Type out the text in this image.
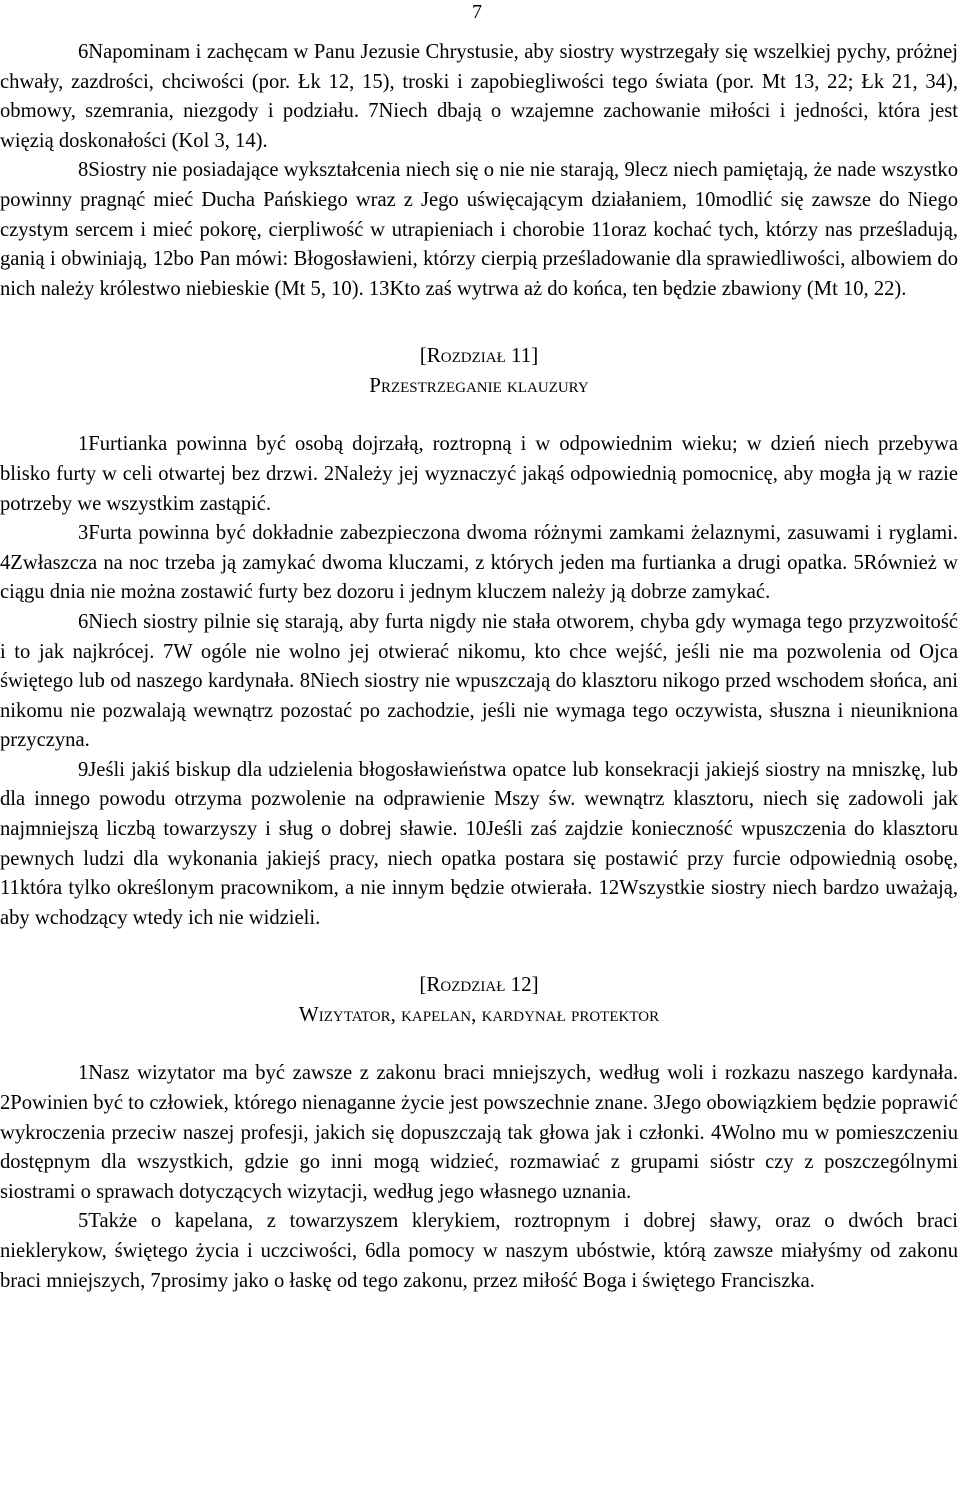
7

6Napominam i zachęcam w Panu Jezusie Chrystusie, aby siostry wystrzegały się wszelkiej pychy, próżnej chwały, zazdrości, chciwości (por. Łk 12, 15), troski i zapobiegliwości tego świata (por. Mt 13, 22; Łk 21, 34), obmowy, szemrania, niezgody i podziału. 7Niech dbają o wzajemne zachowanie miłości i jedności, która jest więzią doskonałości (Kol 3, 14).

8Siostry nie posiadające wykształcenia niech się o nie nie starają, 9lecz niech pamiętają, że nade wszystko powinny pragnąć mieć Ducha Pańskiego wraz z Jego uświęcającym działaniem, 10modlić się zawsze do Niego czystym sercem i mieć pokorę, cierpliwość w utrapieniach i chorobie 11oraz kochać tych, którzy nas prześladują, ganią i obwiniają, 12bo Pan mówi: Błogosławieni, którzy cierpią prześladowanie dla sprawiedliwości, albowiem do nich należy królestwo niebieskie (Mt 5, 10). 13Kto zaś wytrwa aż do końca, ten będzie zbawiony (Mt 10, 22).

[Rozdział 11]
Przestrzeganie klauzury

1Furtianka powinna być osobą dojrzałą, roztropną i w odpowiednim wieku; w dzień niech przebywa blisko furty w celi otwartej bez drzwi. 2Należy jej wyznaczyć jakąś odpowiednią pomocnicę, aby mogła ją w razie potrzeby we wszystkim zastąpić.

3Furta powinna być dokładnie zabezpieczona dwoma różnymi zamkami żelaznymi, zasuwami i ryglami. 4Zwłaszcza na noc trzeba ją zamykać dwoma kluczami, z których jeden ma furtianka a drugi opatka. 5Również w ciągu dnia nie można zostawić furty bez dozoru i jednym kluczem należy ją dobrze zamykać.

6Niech siostry pilnie się starają, aby furta nigdy nie stała otworem, chyba gdy wymaga tego przyzwoitość i to jak najkrócej. 7W ogóle nie wolno jej otwierać nikomu, kto chce wejść, jeśli nie ma pozwolenia od Ojca świętego lub od naszego kardynała. 8Niech siostry nie wpuszczają do klasztoru nikogo przed wschodem słońca, ani nikomu nie pozwalają wewnątrz pozostać po zachodzie, jeśli nie wymaga tego oczywista, słuszna i nieunikniona przyczyna.

9Jeśli jakiś biskup dla udzielenia błogosławieństwa opatce lub konsekracji jakiejś siostry na mniszkę, lub dla innego powodu otrzyma pozwolenie na odprawienie Mszy św. wewnątrz klasztoru, niech się zadowoli jak najmniejszą liczbą towarzyszy i sług o dobrej sławie. 10Jeśli zaś zajdzie konieczność wpuszczenia do klasztoru pewnych ludzi dla wykonania jakiejś pracy, niech opatka postara się postawić przy furcie odpowiednią osobę, 11która tylko określonym pracownikom, a nie innym będzie otwierała. 12Wszystkie siostry niech bardzo uważają, aby wchodzący wtedy ich nie widzieli.

[Rozdział 12]
Wizytator, kapelan, kardynał protektor

1Nasz wizytator ma być zawsze z zakonu braci mniejszych, według woli i rozkazu naszego kardynała. 2Powinien być to człowiek, którego nienaganne życie jest powszechnie znane. 3Jego obowiązkiem będzie poprawić wykroczenia przeciw naszej profesji, jakich się dopuszczają tak głowa jak i członki. 4Wolno mu w pomieszczeniu dostępnym dla wszystkich, gdzie go inni mogą widzieć, rozmawiać z grupami sióstr czy z poszczególnymi siostrami o sprawach dotyczących wizytacji, według jego własnego uznania.

5Także o kapelana, z towarzyszem klerykiem, roztropnym i dobrej sławy, oraz o dwóch braci nieklerykow, świętego życia i uczciwości, 6dla pomocy w naszym ubóstwie, którą zawsze miałyśmy od zakonu braci mniejszych, 7prosimy jako o łaskę od tego zakonu, przez miłość Boga i świętego Franciszka.
